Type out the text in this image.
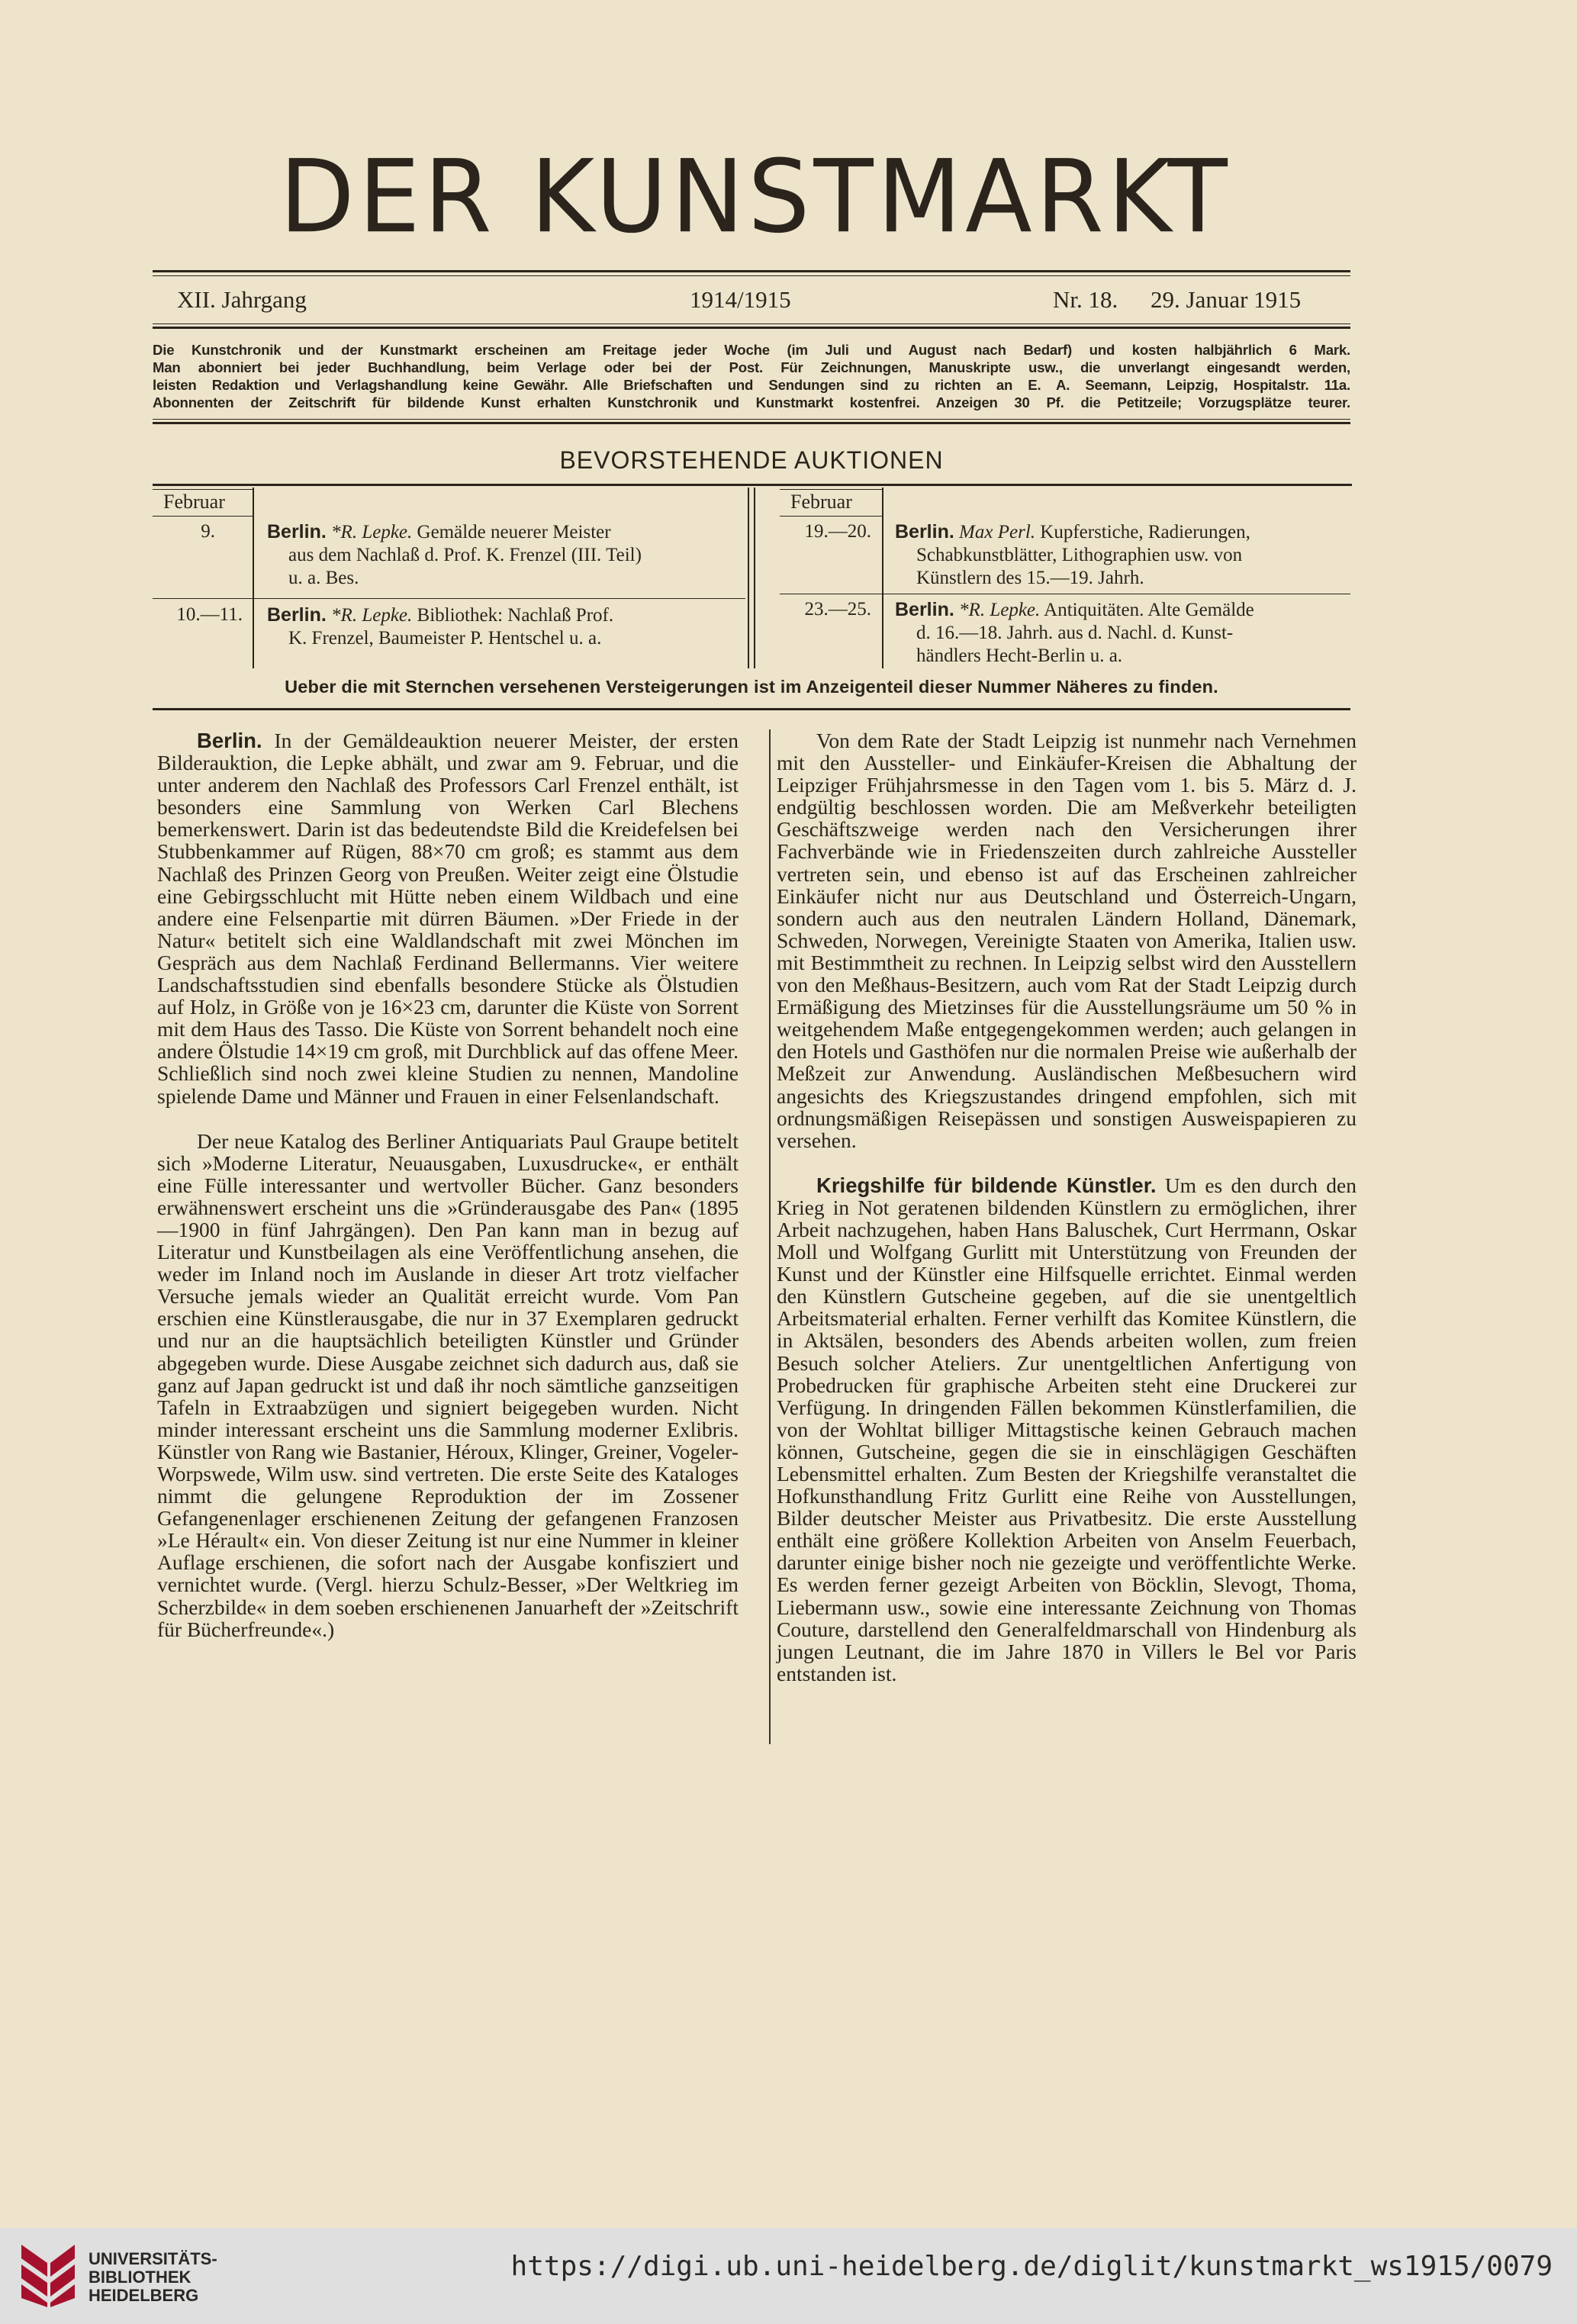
DER KUNSTMARKT
XII. Jahrgang	1914/1915	Nr. 18. 29. Januar 1915
Die Kunstchronik und der Kunstmarkt erscheinen am Freitage jeder Woche (im Juli und August nach Bedarf) und kosten halbjährlich 6 Mark.
Man abonniert bei jeder Buchhandlung, beim Verlage oder bei der Post. Für Zeichnungen, Manuskripte usw., die unverlangt eingesandt werden,
leisten Redaktion und Verlagshandlung keine Gewähr. Alle Briefschaften und Sendungen sind zu richten an E. A. Seemann, Leipzig, Hospitalstr. 11a.
Abonnenten der Zeitschrift für bildende Kunst erhalten Kunstchronik und Kunstmarkt kostenfrei. Anzeigen 30 Pf. die Petitzeile; Vorzugsplätze teurer.
BEVORSTEHENDE AUKTIONEN
Februar
9.	Berlin. *R. Lepke. Gemälde neuerer Meister
aus dem Nachlaß d. Prof. K. Frenzel (III. Teil)
u. a. Bes.
10.—11. Berlin. *R. Lepke. Bibliothek: Nachlaß Prof.
K. Frenzel, Baumeister P. Hentschel u. a.
Februar
19.—20. Berlin. Max Perl. Kupferstiche, Radierungen,
Schabkunstblätter, Lithographien usw. von
Künstlern des 15.—19. Jahrh.
23.—25. Berlin. *R. Lepke. Antiquitäten. Alte Gemälde
d. 16.—18. Jahrh. aus d. Nachl. d. Kunst-
händlers Hecht-Berlin u. a.
Ueber die mit Sternchen versehenen Versteigerungen ist im Anzeigenteil dieser Nummer Näheres zu finden.

Berlin. In der Gemäldeauktion neuerer Meister, der ersten Bilderauktion, die Lepke abhält, und zwar am 9. Februar, und die unter anderem den Nachlaß des Professors Carl Frenzel enthält, ist besonders eine Sammlung von Werken Carl Blechens bemerkenswert. Darin ist das bedeutendste Bild die Kreidefelsen bei Stubbenkammer auf Rügen, 88×70 cm groß; es stammt aus dem Nachlaß des Prinzen Georg von Preußen. Weiter zeigt eine Ölstudie eine Gebirgsschlucht mit Hütte neben einem Wildbach und eine andere eine Felsenpartie mit dürren Bäumen. »Der Friede in der Natur« betitelt sich eine Waldlandschaft mit zwei Mönchen im Gespräch aus dem Nachlaß Ferdinand Bellermanns. Vier weitere Landschaftsstudien sind ebenfalls besondere Stücke als Ölstudien auf Holz, in Größe von je 16×23 cm, darunter die Küste von Sorrent mit dem Haus des Tasso. Die Küste von Sorrent behandelt noch eine andere Ölstudie 14×19 cm groß, mit Durchblick auf das offene Meer. Schließlich sind noch zwei kleine Studien zu nennen, Mandoline spielende Dame und Männer und Frauen in einer Felsenlandschaft.

Der neue Katalog des Berliner Antiquariats Paul Graupe betitelt sich »Moderne Literatur, Neuausgaben, Luxusdrucke«, er enthält eine Fülle interessanter und wertvoller Bücher. Ganz besonders erwähnenswert erscheint uns die »Gründerausgabe des Pan« (1895—1900 in fünf Jahrgängen). Den Pan kann man in bezug auf Literatur und Kunstbeilagen als eine Veröffentlichung ansehen, die weder im Inland noch im Auslande in dieser Art trotz vielfacher Versuche jemals wieder an Qualität erreicht wurde. Vom Pan erschien eine Künstlerausgabe, die nur in 37 Exemplaren gedruckt und nur an die hauptsächlich beteiligten Künstler und Gründer abgegeben wurde. Diese Ausgabe zeichnet sich dadurch aus, daß sie ganz auf Japan gedruckt ist und daß ihr noch sämtliche ganzseitigen Tafeln in Extraabzügen und signiert beigegeben wurden. Nicht minder interessant erscheint uns die Sammlung moderner Exlibris. Künstler von Rang wie Bastanier, Héroux, Klinger, Greiner, Vogeler-Worpswede, Wilm usw. sind vertreten. Die erste Seite des Kataloges nimmt die gelungene Reproduktion der im Zossener Gefangenenlager erschienenen Zeitung der gefangenen Franzosen »Le Hérault« ein. Von dieser Zeitung ist nur eine Nummer in kleiner Auflage erschienen, die sofort nach der Ausgabe konfisziert und vernichtet wurde. (Vergl. hierzu Schulz-Besser, »Der Weltkrieg im Scherzbilde« in dem soeben erschienenen Januarheft der »Zeitschrift für Bücherfreunde«.)

Von dem Rate der Stadt Leipzig ist nunmehr nach Vernehmen mit den Aussteller- und Einkäufer-Kreisen die Abhaltung der Leipziger Frühjahrsmesse in den Tagen vom 1. bis 5. März d. J. endgültig beschlossen worden. Die am Meßverkehr beteiligten Geschäftszweige werden nach den Versicherungen ihrer Fachverbände wie in Friedenszeiten durch zahlreiche Aussteller vertreten sein, und ebenso ist auf das Erscheinen zahlreicher Einkäufer nicht nur aus Deutschland und Österreich-Ungarn, sondern auch aus den neutralen Ländern Holland, Dänemark, Schweden, Norwegen, Vereinigte Staaten von Amerika, Italien usw. mit Bestimmtheit zu rechnen. In Leipzig selbst wird den Ausstellern von den Meßhaus-Besitzern, auch vom Rat der Stadt Leipzig durch Ermäßigung des Mietzinses für die Ausstellungsräume um 50 % in weitgehendem Maße entgegengekommen werden; auch gelangen in den Hotels und Gasthöfen nur die normalen Preise wie außerhalb der Meßzeit zur Anwendung. Ausländischen Meßbesuchern wird angesichts des Kriegszustandes dringend empfohlen, sich mit ordnungsmäßigen Reisepässen und sonstigen Ausweispapieren zu versehen.

Kriegshilfe für bildende Künstler. Um es den durch den Krieg in Not geratenen bildenden Künstlern zu ermöglichen, ihrer Arbeit nachzugehen, haben Hans Baluschek, Curt Herrmann, Oskar Moll und Wolfgang Gurlitt mit Unterstützung von Freunden der Kunst und der Künstler eine Hilfsquelle errichtet. Einmal werden den Künstlern Gutscheine gegeben, auf die sie unentgeltlich Arbeitsmaterial erhalten. Ferner verhilft das Komitee Künstlern, die in Aktsälen, besonders des Abends arbeiten wollen, zum freien Besuch solcher Ateliers. Zur unentgeltlichen Anfertigung von Probedrucken für graphische Arbeiten steht eine Druckerei zur Verfügung. In dringenden Fällen bekommen Künstlerfamilien, die von der Wohltat billiger Mittagstische keinen Gebrauch machen können, Gutscheine, gegen die sie in einschlägigen Geschäften Lebensmittel erhalten. Zum Besten der Kriegshilfe veranstaltet die Hofkunsthandlung Fritz Gurlitt eine Reihe von Ausstellungen, Bilder deutscher Meister aus Privatbesitz. Die erste Ausstellung enthält eine größere Kollektion Arbeiten von Anselm Feuerbach, darunter einige bisher noch nie gezeigte und veröffentlichte Werke. Es werden ferner gezeigt Arbeiten von Böcklin, Slevogt, Thoma, Liebermann usw., sowie eine interessante Zeichnung von Thomas Couture, darstellend den Generalfeldmarschall von Hindenburg als jungen Leutnant, die im Jahre 1870 in Villers le Bel vor Paris entstanden ist.

UNIVERSITÄTS-
BIBLIOTHEK
HEIDELBERG
https://digi.ub.uni-heidelberg.de/diglit/kunstmarkt_ws1915/0079
